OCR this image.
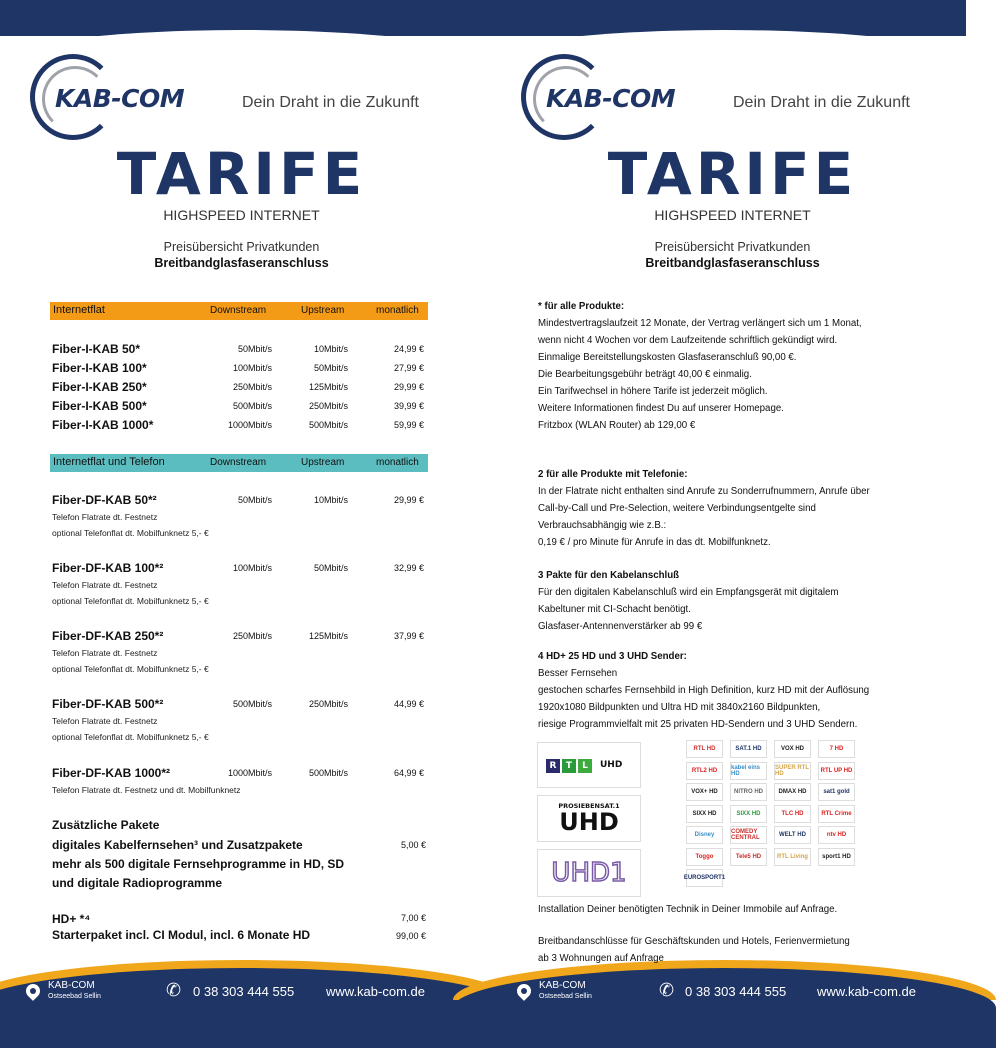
KAB-COM	Dein Draht in die Zukunft
TARIFE
HIGHSPEED INTERNET
Preisübersicht Privatkunden
Breitbandglasfaseranschluss
Internetflat	Downstream	Upstream	monatlich
Fiber-I-KAB 50*	50Mbit/s	10Mbit/s	24,99 €
Fiber-I-KAB 100*	100Mbit/s	50Mbit/s	27,99 €
Fiber-I-KAB 250*	250Mbit/s	125Mbit/s	29,99 €
Fiber-I-KAB 500*	500Mbit/s	250Mbit/s	39,99 €
Fiber-I-KAB 1000*	1000Mbit/s	500Mbit/s	59,99 €
Internetflat und Telefon	Downstream	Upstream	monatlich
Fiber-DF-KAB 50*²	50Mbit/s	10Mbit/s	29,99 €
Telefon Flatrate dt. Festnetz
optional Telefonflat dt. Mobilfunknetz 5,- €
Fiber-DF-KAB 100*²	100Mbit/s	50Mbit/s	32,99 €
Telefon Flatrate dt. Festnetz
optional Telefonflat dt. Mobilfunknetz 5,- €
Fiber-DF-KAB 250*²	250Mbit/s	125Mbit/s	37,99 €
Telefon Flatrate dt. Festnetz
optional Telefonflat dt. Mobilfunknetz 5,- €
Fiber-DF-KAB 500*²	500Mbit/s	250Mbit/s	44,99 €
Telefon Flatrate dt. Festnetz
optional Telefonflat dt. Mobilfunknetz 5,- €
Fiber-DF-KAB 1000*²	1000Mbit/s	500Mbit/s	64,99 €
Telefon Flatrate dt. Festnetz und dt. Mobilfunknetz
Zusätzliche Pakete
digitales Kabelfernsehen³ und Zusatzpakete
mehr als 500 digitale Fernsehprogramme in HD, SD
und digitale Radioprogramme
5,00 €
HD+ *⁴	7,00 €
Starterpaket incl. CI Modul, incl. 6 Monate HD	99,00 €
KAB-COM
Ostseebad Sellin	✆ 0 38 303 444 555 www.kab-com.de
KAB-COM	Dein Draht in die Zukunft
TARIFE
HIGHSPEED INTERNET
Preisübersicht Privatkunden
Breitbandglasfaseranschluss
KAB-COM
Ostseebad Sellin	✆ 0 38 303 444 555 www.kab-com.de
* für alle Produkte:
Mindestvertragslaufzeit 12 Monate, der Vertrag verlängert sich um 1 Monat,
wenn nicht 4 Wochen vor dem Laufzeitende schriftlich gekündigt wird.
Einmalige Bereitstellungskosten Glasfaseranschluß 90,00 €.
Die Bearbeitungsgebühr beträgt 40,00 € einmalig.
Ein Tarifwechsel in höhere Tarife ist jederzeit möglich.
Weitere Informationen findest Du auf unserer Homepage.
Fritzbox (WLAN Router) ab 129,00 €
2 für alle Produkte mit Telefonie:
In der Flatrate nicht enthalten sind Anrufe zu Sonderrufnummern, Anrufe über
Call-by-Call und Pre-Selection, weitere Verbindungsentgelte sind
Verbrauchsabhängig wie z.B.:
0,19 € / pro Minute für Anrufe in das dt. Mobilfunknetz.
3 Pakte für den Kabelanschluß
Für den digitalen Kabelanschluß wird ein Empfangsgerät mit digitalem
Kabeltuner mit CI-Schacht benötigt.
Glasfaser-Antennenverstärker ab 99 €
4 HD+ 25 HD und 3 UHD Sender:
Besser Fernsehen
gestochen scharfes Fernsehbild in High Definition, kurz HD mit der Auflösung
1920x1080 Bildpunkten und Ultra HD mit 3840x2160 Bildpunkten,
riesige Programmvielfalt mit 25 privaten HD-Sendern und 3 UHD Sendern.
R	T	L	UHD
PROSIEBENSAT.1
UHD
UHD1
RTL HD	SAT.1 HD	VOX HD	7 HD
RTL2 HD	kabel eins HD
SUPER RTL HD	RTL UP HD
VOX+ HD	NITRO HD	DMAX HD	sat1 gold
SIXX HD	SIXX HD	TLC HD	RTL Crime
Disney	COMEDY CENTRAL	WELT HD	ntv HD
Toggo	Tele5 HD	RTL Living	sport1 HD
EUROSPORT1
Installation Deiner benötigten Technik in Deiner Immobile auf Anfrage.
Breitbandanschlüsse für Geschäftskunden und Hotels, Ferienvermietung
ab 3 Wohnungen auf Anfrage
